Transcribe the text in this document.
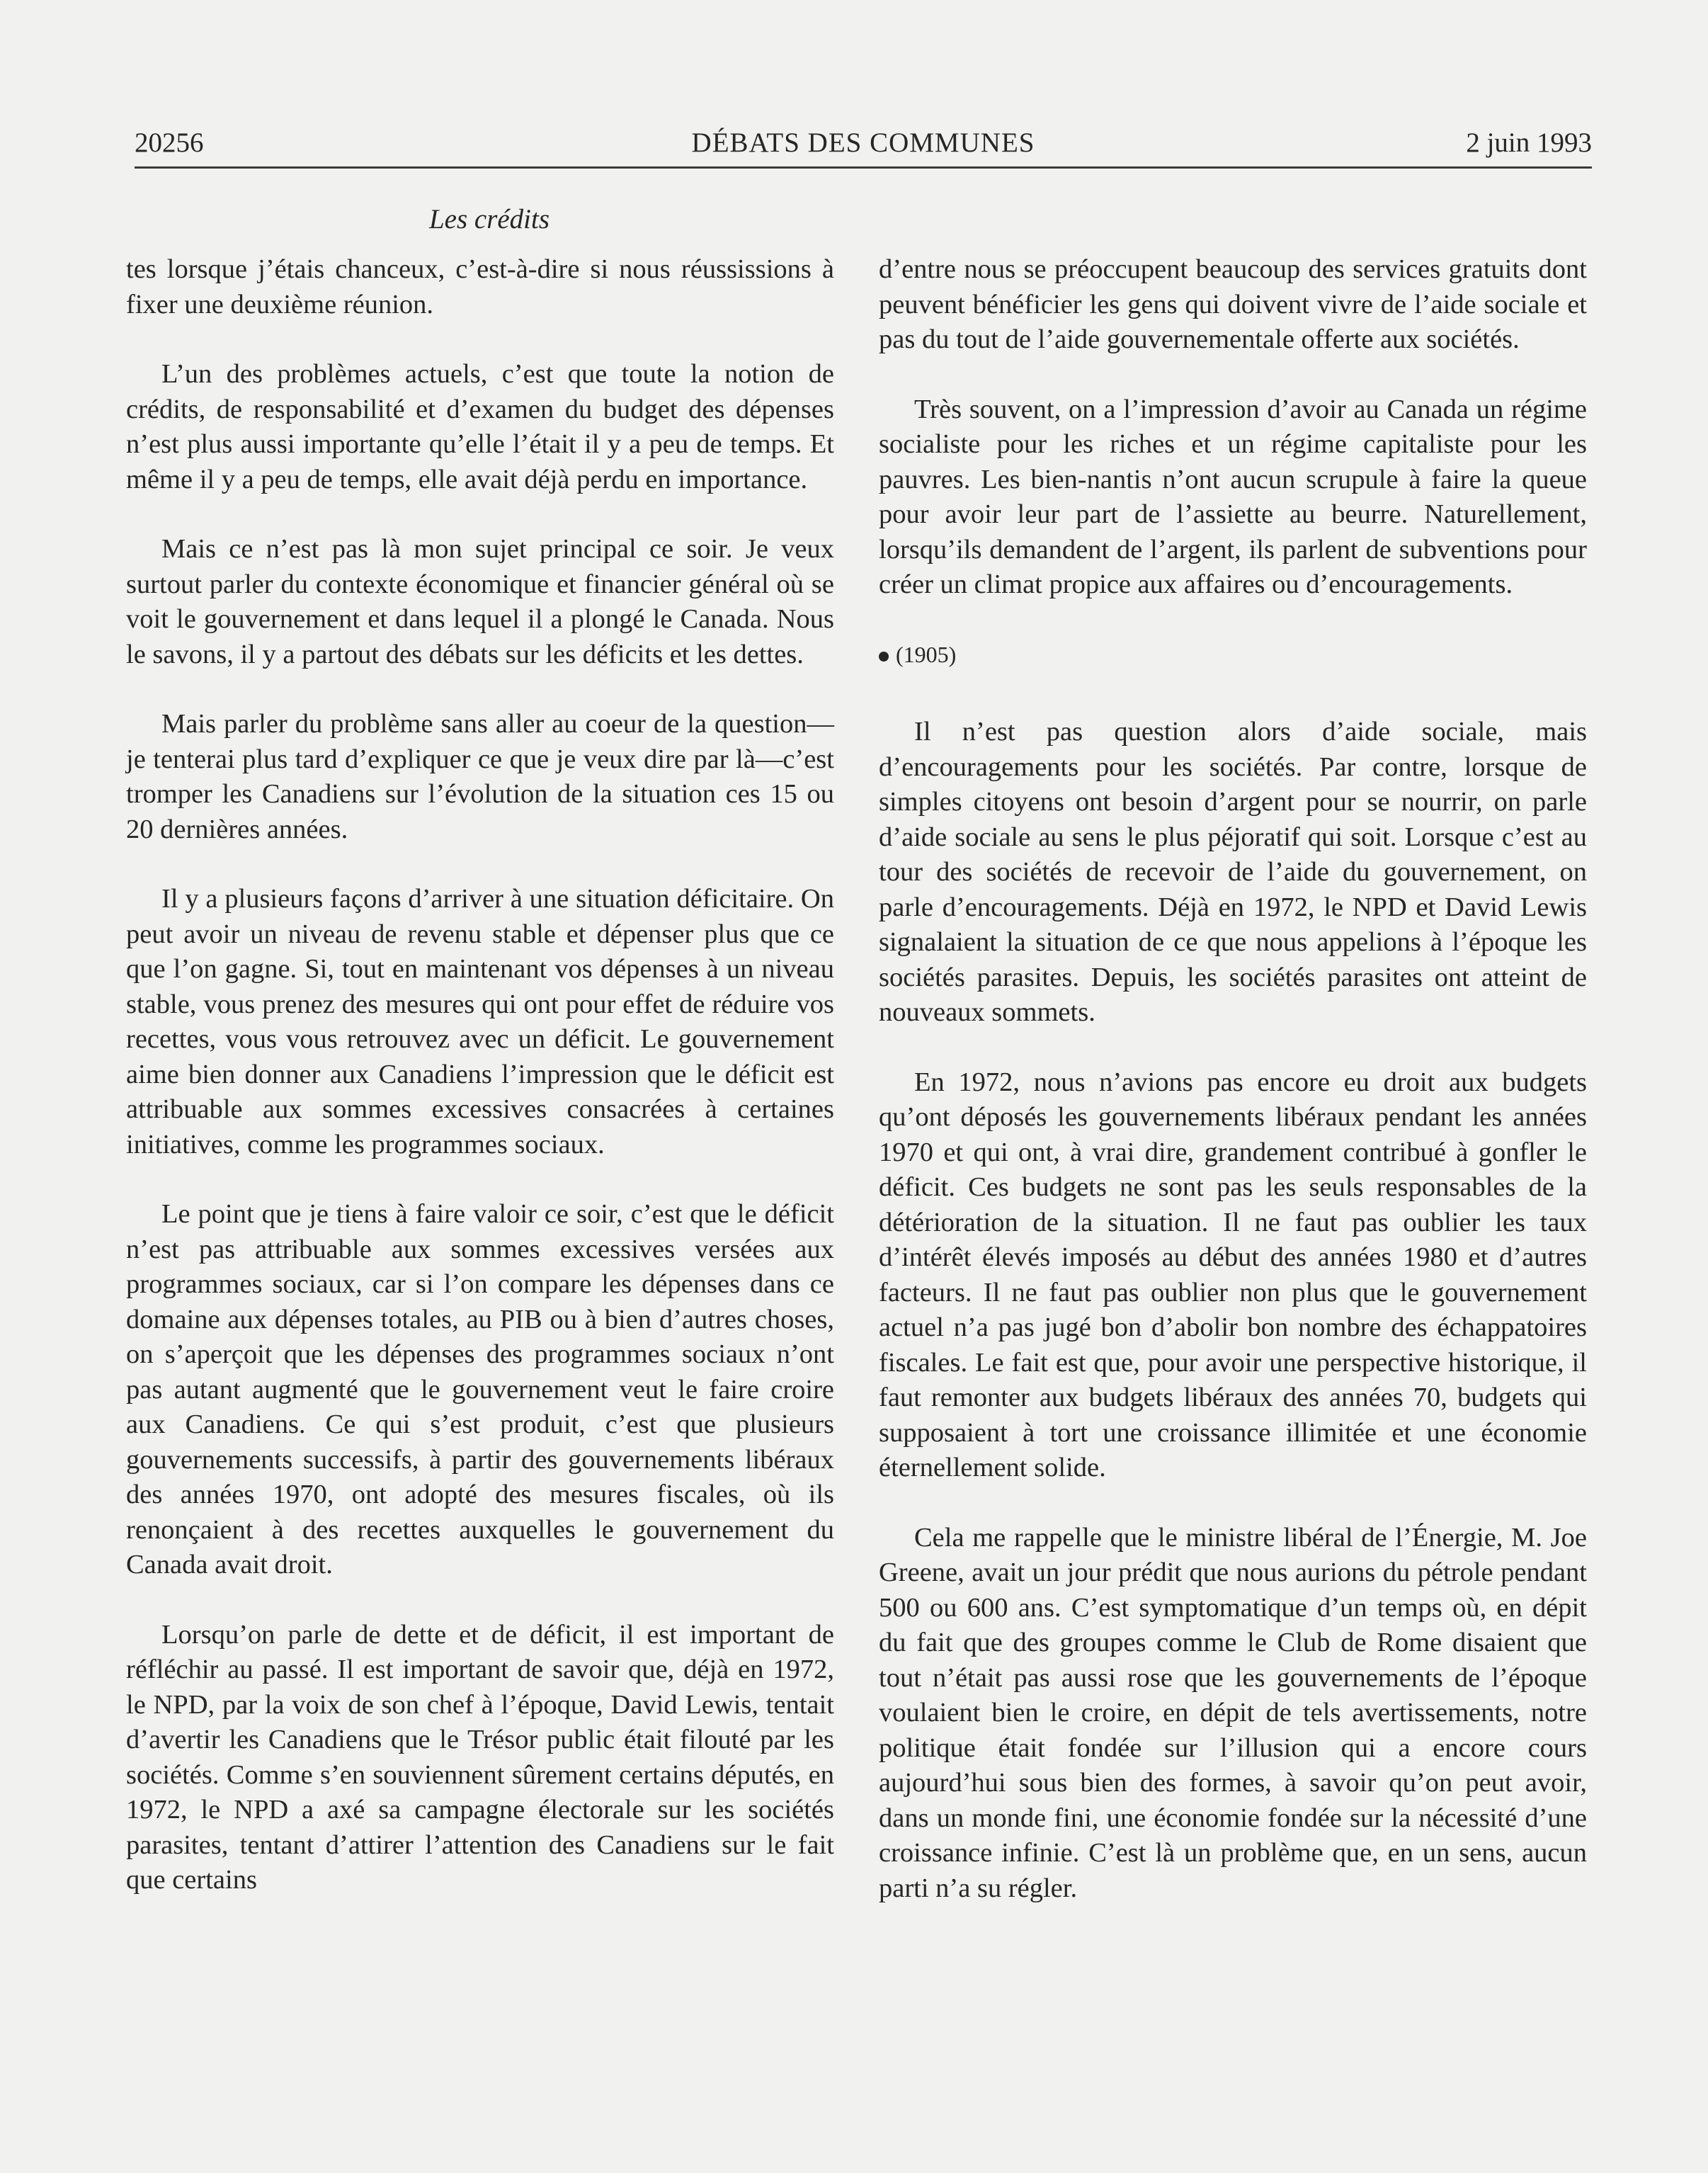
20256	DÉBATS DES COMMUNES	2 juin 1993
Les crédits

tes lorsque j’étais chanceux, c’est-à-dire si nous réussissions à fixer une deuxième réunion.

L’un des problèmes actuels, c’est que toute la notion de crédits, de responsabilité et d’examen du budget des dépenses n’est plus aussi importante qu’elle l’était il y a peu de temps. Et même il y a peu de temps, elle avait déjà perdu en importance.

Mais ce n’est pas là mon sujet principal ce soir. Je veux surtout parler du contexte économique et financier général où se voit le gouvernement et dans lequel il a plongé le Canada. Nous le savons, il y a partout des débats sur les déficits et les dettes.

Mais parler du problème sans aller au coeur de la question—je tenterai plus tard d’expliquer ce que je veux dire par là—c’est tromper les Canadiens sur l’évolution de la situation ces 15 ou 20 dernières années.

Il y a plusieurs façons d’arriver à une situation déficitaire. On peut avoir un niveau de revenu stable et dépenser plus que ce que l’on gagne. Si, tout en maintenant vos dépenses à un niveau stable, vous prenez des mesures qui ont pour effet de réduire vos recettes, vous vous retrouvez avec un déficit. Le gouvernement aime bien donner aux Canadiens l’impression que le déficit est attribuable aux sommes excessives consacrées à certaines initiatives, comme les programmes sociaux.

Le point que je tiens à faire valoir ce soir, c’est que le déficit n’est pas attribuable aux sommes excessives versées aux programmes sociaux, car si l’on compare les dépenses dans ce domaine aux dépenses totales, au PIB ou à bien d’autres choses, on s’aperçoit que les dépenses des programmes sociaux n’ont pas autant augmenté que le gouvernement veut le faire croire aux Canadiens. Ce qui s’est produit, c’est que plusieurs gouvernements successifs, à partir des gouvernements libéraux des années 1970, ont adopté des mesures fiscales, où ils renonçaient à des recettes auxquelles le gouvernement du Canada avait droit.

Lorsqu’on parle de dette et de déficit, il est important de réfléchir au passé. Il est important de savoir que, déjà en 1972, le NPD, par la voix de son chef à l’époque, David Lewis, tentait d’avertir les Canadiens que le Trésor public était filouté par les sociétés. Comme s’en souviennent sûrement certains députés, en 1972, le NPD a axé sa campagne électorale sur les sociétés parasites, tentant d’attirer l’attention des Canadiens sur le fait que certains

d’entre nous se préoccupent beaucoup des services gratuits dont peuvent bénéficier les gens qui doivent vivre de l’aide sociale et pas du tout de l’aide gouvernementale offerte aux sociétés.

Très souvent, on a l’impression d’avoir au Canada un régime socialiste pour les riches et un régime capitaliste pour les pauvres. Les bien-nantis n’ont aucun scrupule à faire la queue pour avoir leur part de l’assiette au beurre. Naturellement, lorsqu’ils demandent de l’argent, ils parlent de subventions pour créer un climat propice aux affaires ou d’encouragements.

(1905)

Il n’est pas question alors d’aide sociale, mais d’encouragements pour les sociétés. Par contre, lorsque de simples citoyens ont besoin d’argent pour se nourrir, on parle d’aide sociale au sens le plus péjoratif qui soit. Lorsque c’est au tour des sociétés de recevoir de l’aide du gouvernement, on parle d’encouragements. Déjà en 1972, le NPD et David Lewis signalaient la situation de ce que nous appelions à l’époque les sociétés parasites. Depuis, les sociétés parasites ont atteint de nouveaux sommets.

En 1972, nous n’avions pas encore eu droit aux budgets qu’ont déposés les gouvernements libéraux pendant les années 1970 et qui ont, à vrai dire, grandement contribué à gonfler le déficit. Ces budgets ne sont pas les seuls responsables de la détérioration de la situation. Il ne faut pas oublier les taux d’intérêt élevés imposés au début des années 1980 et d’autres facteurs. Il ne faut pas oublier non plus que le gouvernement actuel n’a pas jugé bon d’abolir bon nombre des échappatoires fiscales. Le fait est que, pour avoir une perspective historique, il faut remonter aux budgets libéraux des années 70, budgets qui supposaient à tort une croissance illimitée et une économie éternellement solide.

Cela me rappelle que le ministre libéral de l’Énergie, M. Joe Greene, avait un jour prédit que nous aurions du pétrole pendant 500 ou 600 ans. C’est symptomatique d’un temps où, en dépit du fait que des groupes comme le Club de Rome disaient que tout n’était pas aussi rose que les gouvernements de l’époque voulaient bien le croire, en dépit de tels avertissements, notre politique était fondée sur l’illusion qui a encore cours aujourd’hui sous bien des formes, à savoir qu’on peut avoir, dans un monde fini, une économie fondée sur la nécessité d’une croissance infinie. C’est là un problème que, en un sens, aucun parti n’a su régler.
